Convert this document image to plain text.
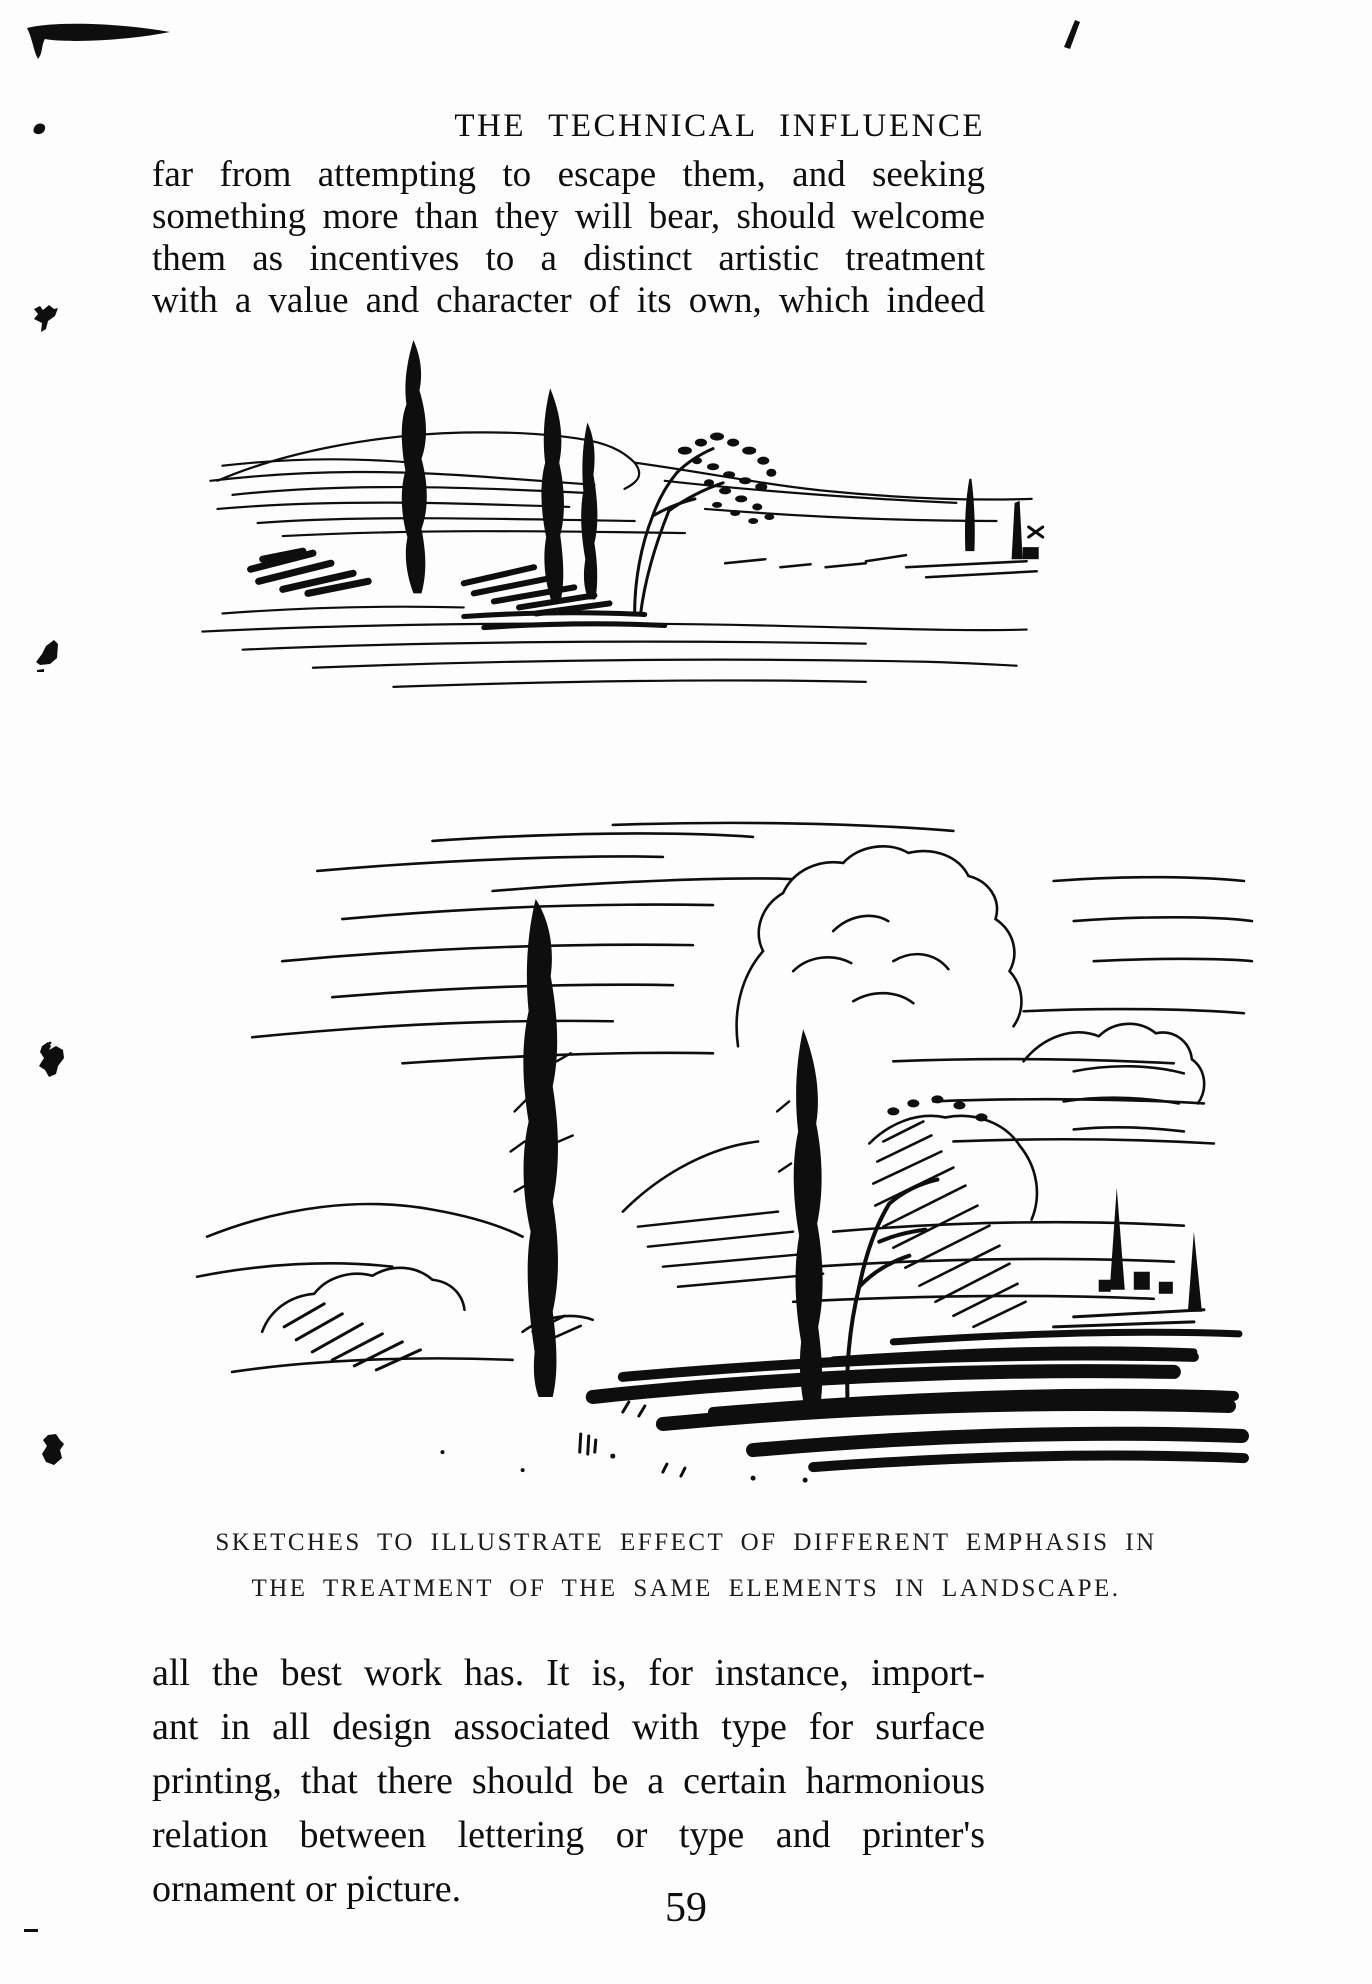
THE TECHNICAL INFLUENCE
far from attempting to escape them, and seeking
something more than they will bear, should welcome
them as incentives to a distinct artistic treatment
with a value and character of its own, which indeed
SKETCHES TO ILLUSTRATE EFFECT OF DIFFERENT EMPHASIS IN
THE TREATMENT OF THE SAME ELEMENTS IN LANDSCAPE.
all the best work has. It is, for instance, import-
ant in all design associated with type for surface
printing, that there should be a certain harmonious
relation between lettering or type and printer's
ornament or picture.	59
